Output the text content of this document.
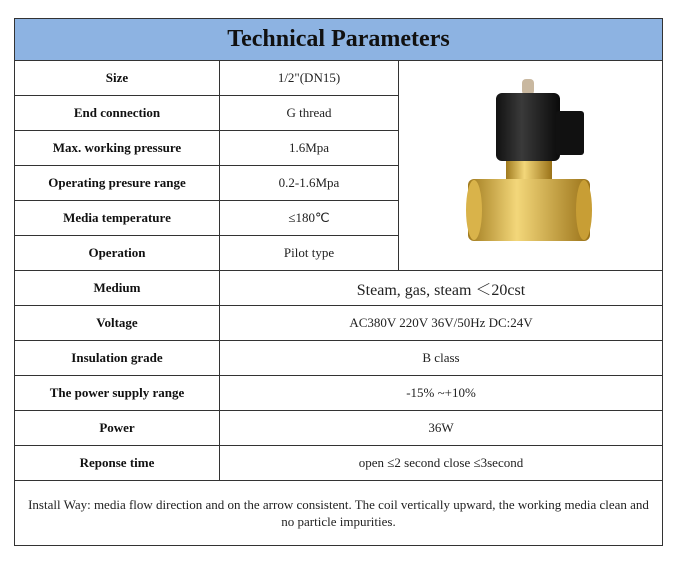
Technical Parameters
Size	1/2"(DN15)
End connection	G thread
Max. working pressure	1.6Mpa
Operating presure range	0.2-1.6Mpa
Media temperature	≤180℃
Operation	Pilot type
Medium	Steam, gas, steam ＜20cst
Voltage	AC380V 220V 36V/50Hz DC:24V
Insulation grade	B class
The power supply range	-15% ~+10%
Power	36W
Reponse time	open ≤2 second close ≤3second
Install Way: media flow direction and on the arrow consistent. The coil vertically upward, the working media clean and no particle impurities.
